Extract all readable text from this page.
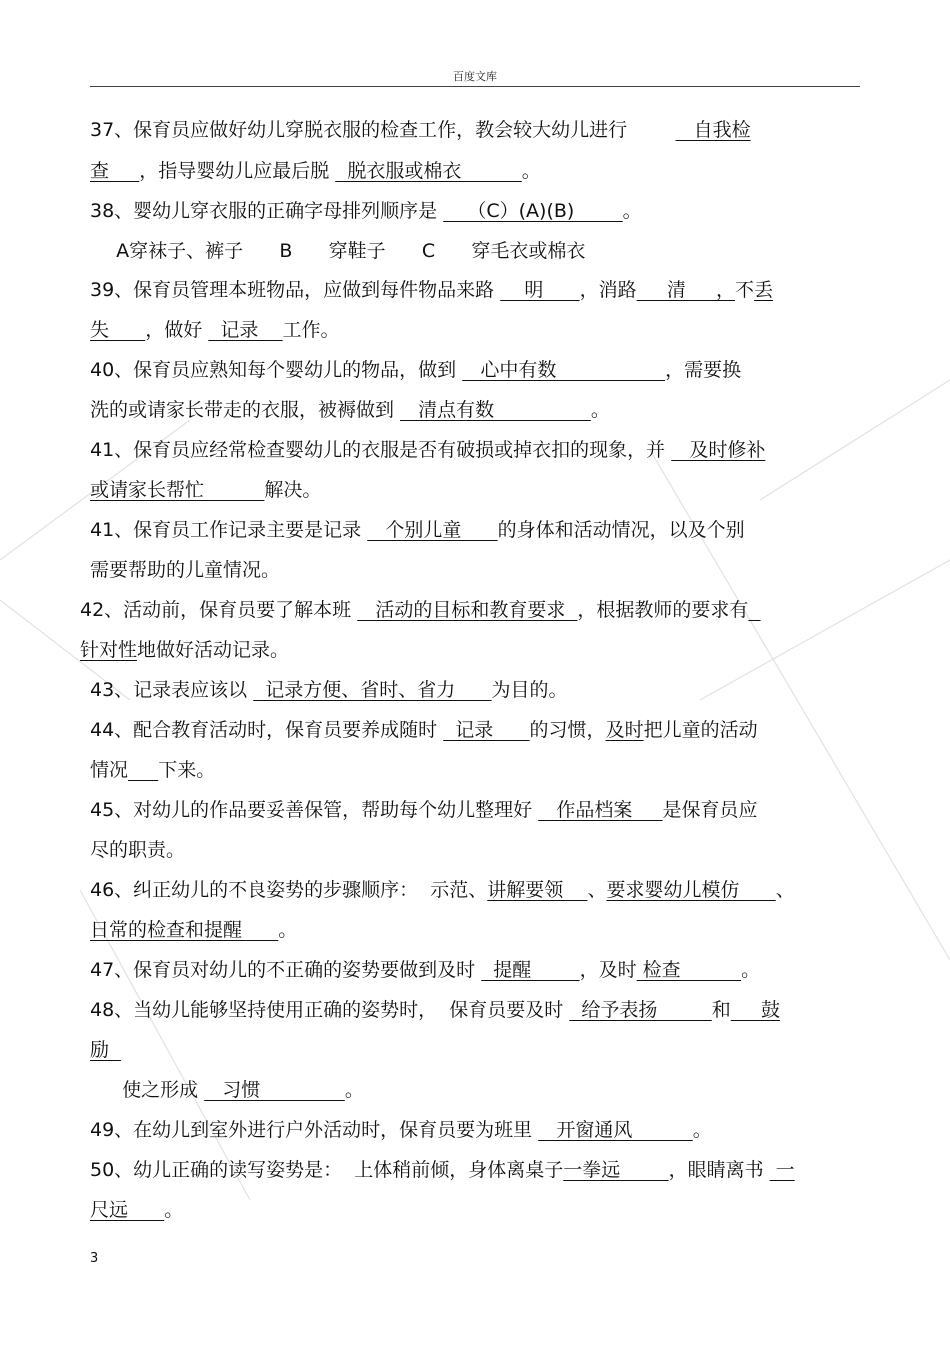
百度文库
37、保育员应做好幼儿穿脱衣服的检查工作，教会较大幼儿进行	自我检
查     ，指导婴幼儿应最后脱   脱衣服或棉衣          。
38、婴幼儿穿衣服的正确字母排列顺序是     （C）(A)(B)        。
A穿袜子、裤子      B      穿鞋子      C      穿毛衣或棉衣
39、保育员管理本班物品，应做到每件物品来路     明      ，消路     清     ，不丢
失      ，做好   记录    工作。
40、保育员应熟知每个婴幼儿的物品，做到    心中有数                  ，需要换
洗的或请家长带走的衣服，被褥做到    清点有数                。
41、保育员应经常检查婴幼儿的衣服是否有破损或掉衣扣的现象，并    及时修补
或请家长帮忙          解决。
41、保育员工作记录主要是记录    个别儿童      的身体和活动情况，以及个别
需要帮助的儿童情况。
42、活动前，保育员要了解本班    活动的目标和教育要求  ，根据教师的要求有
针对性地做好活动记录。
43、记录表应该以   记录方便、省时、省力      为目的。
44、配合教育活动时，保育员要养成随时   记录      的习惯，及时把儿童的活动
情况 下来。
45、对幼儿的作品要妥善保管，帮助每个幼儿整理好    作品档案     是保育员应
尽的职责。
46、纠正幼儿的不良姿势的步骤顺序：  示范、讲解要领    、要求婴幼儿模仿      、
日常的检查和提醒      。
47、保育员对幼儿的不正确的姿势要做到及时   提醒        ，及时 检查          。
48、当幼儿能够坚持使用正确的姿势时，  保育员要及时   给予表扬         和     鼓
励
使之形成    习惯              。
49、在幼儿到室外进行户外活动时，保育员要为班里    开窗通风          。
50、幼儿正确的读写姿势是：  上体稍前倾，身体离桌子一拳远        ，眼睛离书  一
尺远      。
3
